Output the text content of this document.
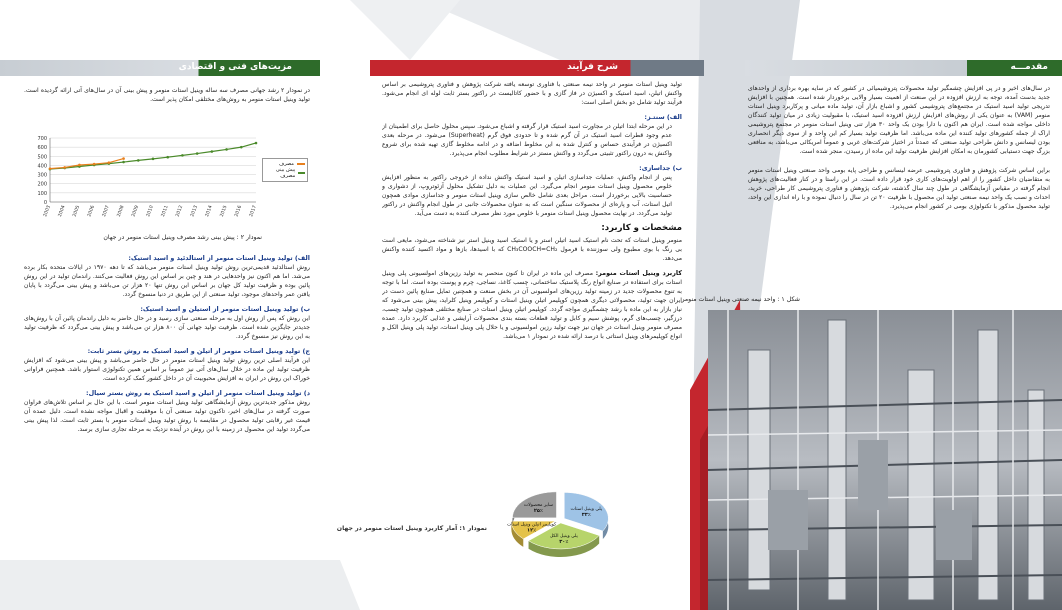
مقدمـــه

در سال‌های اخیر و در پی افزایش چشمگیر تولید محصولات پتروشیمیائی در کشور که در سایه بهره برداری از واحدهای جدید بدست آمده، توجه به ارزش افزوده در این صنعت از اهمیت بسیار والایی برخوردار شده است. همچنین با افزایش تدریجی تولید اسید استیک در مجتمع‌های پتروشیمی کشور و اشباع بازار آن، تولید ماده میانی و پرکاربرد وینیل استات منومر (VAM) به عنوان یکی از روش‌های افزایش ارزش افزوده اسید استیک، با مقبولیت زیادی در میان تولید کنندگان داخلی مواجه شده است. ایران هم اکنون با دارا بودن یک واحد ۳۰ هزار تنی وینیل استات منومر در مجتمع پتروشیمی اراک از جمله کشورهای تولید کننده این ماده می‌باشد. اما ظرفیت تولید بسیار کم این واحد و از سوی دیگر انحصاری بودن لیسانس و دانش طراحی تولید صنعتی که عمدتاً در اختیار شرکت‌های غربی و عموماً امریکائی می‌باشد، به منافعی بزرگ جهت دستیابی کشورمان به امکان افزایش ظرفیت تولید این ماده از رسیدن، منجر شده است.

براین اساس شرکت پژوهش و فناوری پتروشیمی عرضه لیسانس و طراحی پایه بومی واحد صنعتی وینیل استات منومر به متقاضیان داخل کشور را از اهم اولویت‌های کاری خود قرار داده است. در این راستا و در کنار فعالیت‌های پژوهش انجام گرفته در مقیاس آزمایشگاهی در طول چند سال گذشته، شرکت پژوهش و فناوری پتروشیمی کار طراحی، خرید، احداث و نصب یک واحد نیمه صنعتی تولید این محصول با ظرفیت ۲۰ تن در سال را دنبال نموده و با راه اندازی این واحد، تولید محصول مذکور با تکنولوژی بومی در کشور انجام می‌پذیرد.

شکل ۱ : واحد نیمه صنعتی وینیل استات منومر
شرح فرآیند

تولید وینیل استات منومر در واحد نیمه صنعتی با فناوری توسعه یافته شرکت پژوهش و فناوری پتروشیمی بر اساس واکنش اتیلن، اسید استیک و اکسیژن در فاز گازی و با حضور کاتالیست در راکتور بستر ثابت لوله ای انجام می‌شود. فرآیند تولید شامل دو بخش اصلی است:

الف) سنتـز:

در این مرحله ابتدا اتیلن در مجاورت اسید استیک قرار گرفته و اشباع می‌شود. سپس محلول حاصل برای اطمینان از عدم وجود قطرات اسید استیک در آن گرم شده و تا حدودی فوق گرم (Superheat) می‌شود. در مرحله بعدی اکسیژن در فرآیندی حساس و کنترل شده به این مخلوط اضافه و در ادامه مخلوط گازی تهیه شده برای شروع واکنش به درون راکتور تثبیتی می‌گردد و واکنش مستز در شرایط مطلوب انجام می‌پذیرد.

ب) جداسازی:

پس از انجام واکنش، عملیات جداسازی اتیلن و اسید استیک واکنش نداده از خروجی راکتور به منظور افزایش خلوص محصول وینیل استات منومر انجام می‌گیرد. این عملیات به دلیل تشکیل محلول آزئوتروپ، از دشواری و حساسیت بالایی برخوردار است. مراحل بعدی شامل خالص سازی وینیل استات منومر و جداسازی موادی همچون اتیل استات، آب و پاره‌ای از محصولات سنگین است که به عنوان محصولات جانبی در طول انجام واکنش در راکتور تولید می‌گردد. در نهایت محصول وینیل استات منومر با خلوص مورد نظر مصرف کننده به دست می‌آید.

مشخصات و کاربرد:

منومر وینیل استات که تحت نام استیک اسید اتیلن استر و یا استیک اسید وینیل استر نیز شناخته می‌شود، مایعی است بی رنگ با بوی مطبوع ولی سوزننده با فرمول CH₃COOCH=CH₂ که با اسیدها، بازها و مواد اکسید کننده واکنش می‌دهد.

کاربرد وینیل استات منومر: مصرف این ماده در ایران تا کنون منحصر به تولید رزین‌های امولسیونی پلی وینیل استات برای استفاده در صنایع انواع رنگ پلاستیک ساختمانی، چسب کاغذ، نساجی، چرم و پوست بوده است. اما با توجه به تنوع محصولات جدید در زمینه تولید رزین‌های امولسیونی آن در بخش صنعت و همچنین تمایل صنایع پائین دست در ایران جهت تولید، محصولاتی دیگری همچون کوپلیمر اتیلن وینیل استات و کوپلیمر وینیل کلراید، پیش بینی می‌شود که نیاز بازار به این ماده با رشد چشمگیری مواجه گردد. کوپلیمر اتیلن وینیل استات در صنایع مختلفی همچون تولید چسب، درزگیر، چسب‌های گرم، پوشش سیم و کابل و تولید قطعات بسته بندی محصولات آرایشی و غذایی کاربرد دارد. عمده مصرف منومر وینیل استات در جهان نیز جهت تولید رزین امولسیونی و یا حلال پلی وینیل استات، تولید پلی وینیل الکل و انواع کوپلیمرهای وینیل استاتی با درصد ارائه شده در نمودار ۱ می‌باشد.

پلی وینیل استات
۳۳٪
پلی وینیل الکل
۳۰٪
کوپلیمر اتیلن وینیل استات
۱۲٪
سایر محصولات
۲۵٪
نمودار ۱: آمار کاربرد وینیل استات منومر در جهان
مزیت‌های فنی و اقتصادی

در نمودار ۲ رشد جهانی مصرف سه ساله وینیل استات منومر و پیش بینی آن در سال‌های آتی ارائه گردیده است. تولید وینیل استات منومر به روش‌های مختلفی امکان پذیر است.

0
100
200
300
400
500
600
700
2003 2004 2005 2006 2007 2008 2009 2010 2011 2012 2013 2014 2015 2016 2017
مصرف
پیش بینی مصرف
نمودار ۲ : پیش بینی رشد مصرف وینیل استات منومر در جهان
الف) تولید وینیل استات منومر از استالدئید و اسید استیک:

روش استالدئید قدیمی‌ترین روش تولید وینیل استات منومر می‌باشد که تا دهه ۱۹۷۰ در ایالات متحده بکار برده می‌شد. اما هم اکنون نیز واحدهایی در هند و چین بر اساس این روش فعالیت می‌کنند. راندمان تولید در این روش پائین بوده و ظرفیت تولید کل جهان بر اساس این روش تنها ۲۰ هزار تن می‌باشد و پیش بینی می‌گردد با پایان یافتن عمر واحدهای موجود، تولید صنعتی از این طریق در دنیا منسوخ گردد.

ب) تولید وینیل استات منومر از استیلن و اسید استیک:

این روش که پس از روش اول به مرحله صنعتی سازی رسید و در حال حاضر به دلیل راندمان پائین آن با روش‌های جدیدتر جایگزین شده است. ظرفیت تولید جهانی آن ۸۰۰ هزار تن می‌باشد و پیش بینی می‌گردد که ظرفیت تولید به این روش نیز منسوخ گردد.

ج) تولید وینیل استات منومر از اتیلن و اسید استیک به روش بستر ثابت:

این فرآیند اصلی ترین روش تولید وینیل استات منومر در حال حاضر می‌باشد و پیش بینی می‌شود که افزایش ظرفیت تولید این ماده در خلال سال‌های آتی نیز عموماً بر اساس همین تکنولوژی استوار باشد. همچنین فراوانی خوراک این روش در ایران به افزایش محبوبیت آن در داخل کشور کمک کرده است.

د) تولید وینیل استات منومر از اتیلن و اسید استیک به روش بستر سیال:

روش مذکور جدیدترین روش آزمایشگاهی تولید وینیل استات منومر است. با این حال بر اساس تلاش‌های فراوان صورت گرفته در سال‌های اخیر، تاکنون تولید صنعتی آن با موفقیت و اقبال مواجه نشده است. دلیل عمده آن قیمت غیر رقابتی تولید محصول در مقایسه با روش تولید وینیل استات منومر با بستر ثابت است. لذا پیش بینی می‌گردد تولید این محصول در زمینه با این روش در آینده نزدیک به مرحله تجاری سازی برسد.
